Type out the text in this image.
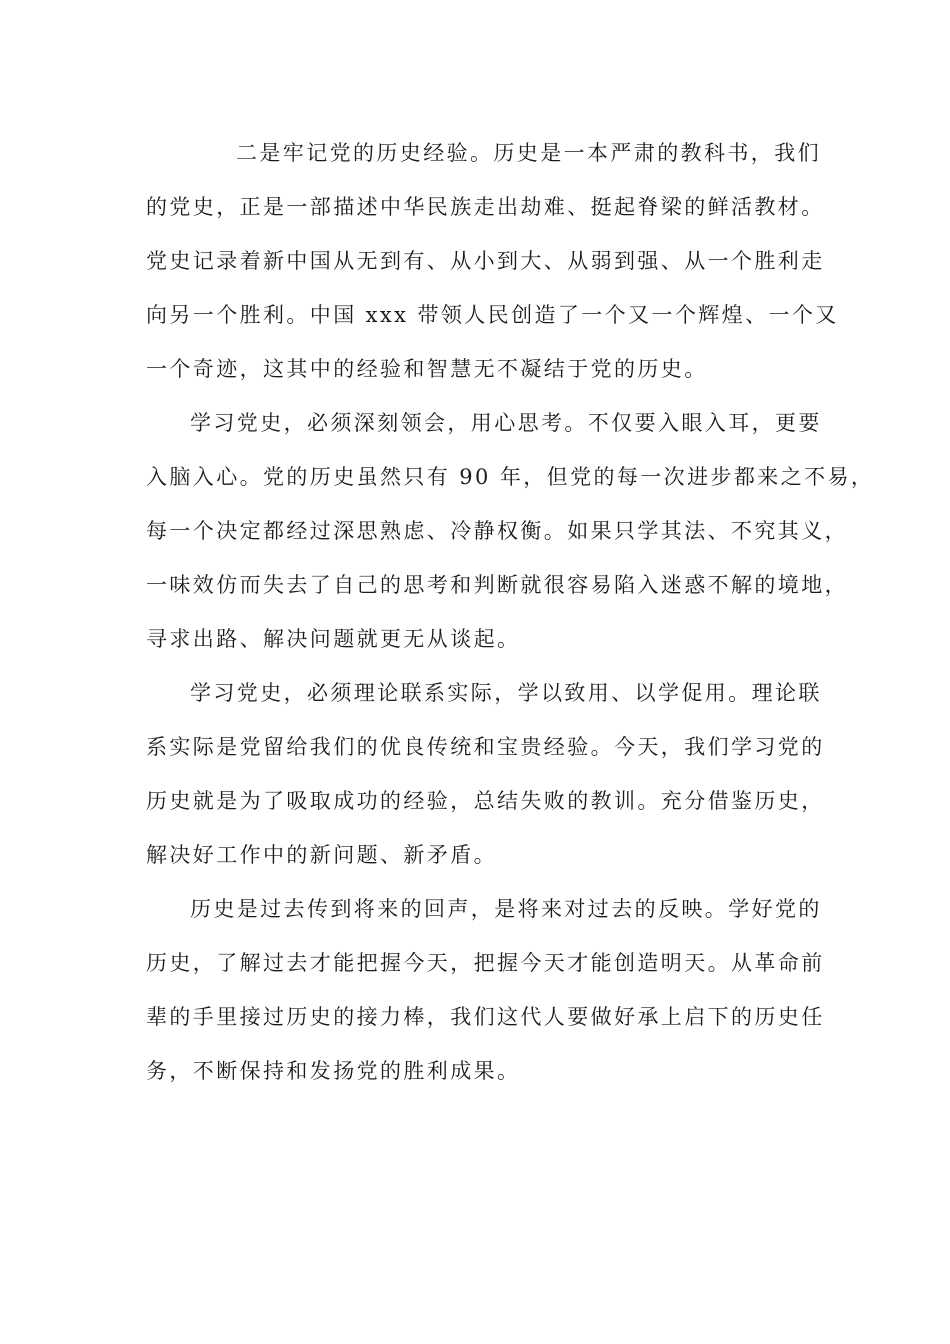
二是牢记党的历史经验。历史是一本严肃的教科书，我们
的党史，正是一部描述中华民族走出劫难、挺起脊梁的鲜活教材。
党史记录着新中国从无到有、从小到大、从弱到强、从一个胜利走
向另一个胜利。中国 xxx 带领人民创造了一个又一个辉煌、一个又
一个奇迹，这其中的经验和智慧无不凝结于党的历史。
学习党史，必须深刻领会，用心思考。不仅要入眼入耳，更要
入脑入心。党的历史虽然只有 90 年，但党的每一次进步都来之不易，
每一个决定都经过深思熟虑、冷静权衡。如果只学其法、不究其义，
一味效仿而失去了自己的思考和判断就很容易陷入迷惑不解的境地，
寻求出路、解决问题就更无从谈起。
学习党史，必须理论联系实际，学以致用、以学促用。理论联
系实际是党留给我们的优良传统和宝贵经验。今天，我们学习党的
历史就是为了吸取成功的经验，总结失败的教训。充分借鉴历史，
解决好工作中的新问题、新矛盾。
历史是过去传到将来的回声，是将来对过去的反映。学好党的
历史，了解过去才能把握今天，把握今天才能创造明天。从革命前
辈的手里接过历史的接力棒，我们这代人要做好承上启下的历史任
务，不断保持和发扬党的胜利成果。
